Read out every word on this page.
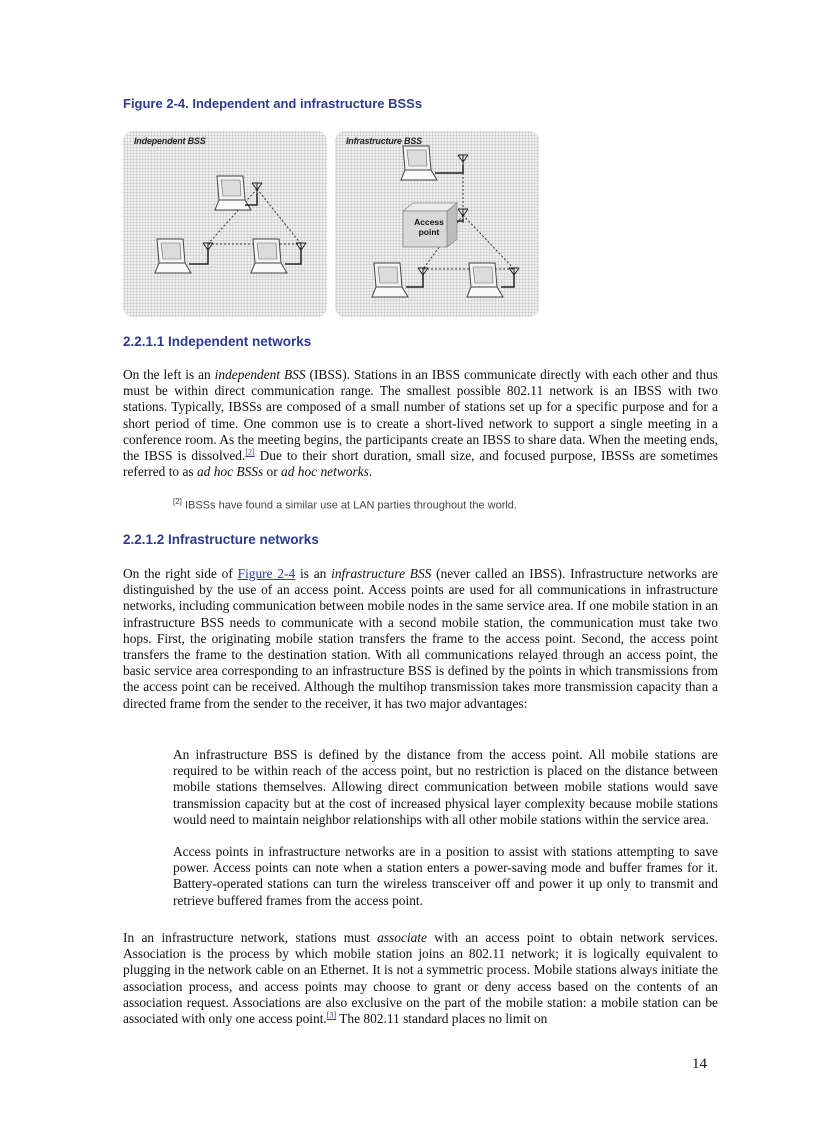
Figure 2-4. Independent and infrastructure BSSs
Independent BSS	Infrastructure BSS
Access
point
2.2.1.1 Independent networks

On the left is an independent BSS (IBSS). Stations in an IBSS communicate directly with each other and thus must be within direct communication range. The smallest possible 802.11 network is an IBSS with two stations. Typically, IBSSs are composed of a small number of stations set up for a specific purpose and for a short period of time. One common use is to create a short-lived network to support a single meeting in a conference room. As the meeting begins, the participants create an IBSS to share data. When the meeting ends, the IBSS is dissolved.[2] Due to their short duration, small size, and focused purpose, IBSSs are sometimes referred to as ad hoc BSSs or ad hoc networks.

[2] IBSSs have found a similar use at LAN parties throughout the world.

2.2.1.2 Infrastructure networks

On the right side of Figure 2-4 is an infrastructure BSS (never called an IBSS). Infrastructure networks are distinguished by the use of an access point. Access points are used for all communications in infrastructure networks, including communication between mobile nodes in the same service area. If one mobile station in an infrastructure BSS needs to communicate with a second mobile station, the communication must take two hops. First, the originating mobile station transfers the frame to the access point. Second, the access point transfers the frame to the destination station. With all communications relayed through an access point, the basic service area corresponding to an infrastructure BSS is defined by the points in which transmissions from the access point can be received. Although the multihop transmission takes more transmission capacity than a directed frame from the sender to the receiver, it has two major advantages:

An infrastructure BSS is defined by the distance from the access point. All mobile stations are required to be within reach of the access point, but no restriction is placed on the distance between mobile stations themselves. Allowing direct communication between mobile stations would save transmission capacity but at the cost of increased physical layer complexity because mobile stations would need to maintain neighbor relationships with all other mobile stations within the service area.

Access points in infrastructure networks are in a position to assist with stations attempting to save power. Access points can note when a station enters a power-saving mode and buffer frames for it. Battery-operated stations can turn the wireless transceiver off and power it up only to transmit and retrieve buffered frames from the access point.

In an infrastructure network, stations must associate with an access point to obtain network services. Association is the process by which mobile station joins an 802.11 network; it is logically equivalent to plugging in the network cable on an Ethernet. It is not a symmetric process. Mobile stations always initiate the association process, and access points may choose to grant or deny access based on the contents of an association request. Associations are also exclusive on the part of the mobile station: a mobile station can be associated with only one access point.[3] The 802.11 standard places no limit on

14
